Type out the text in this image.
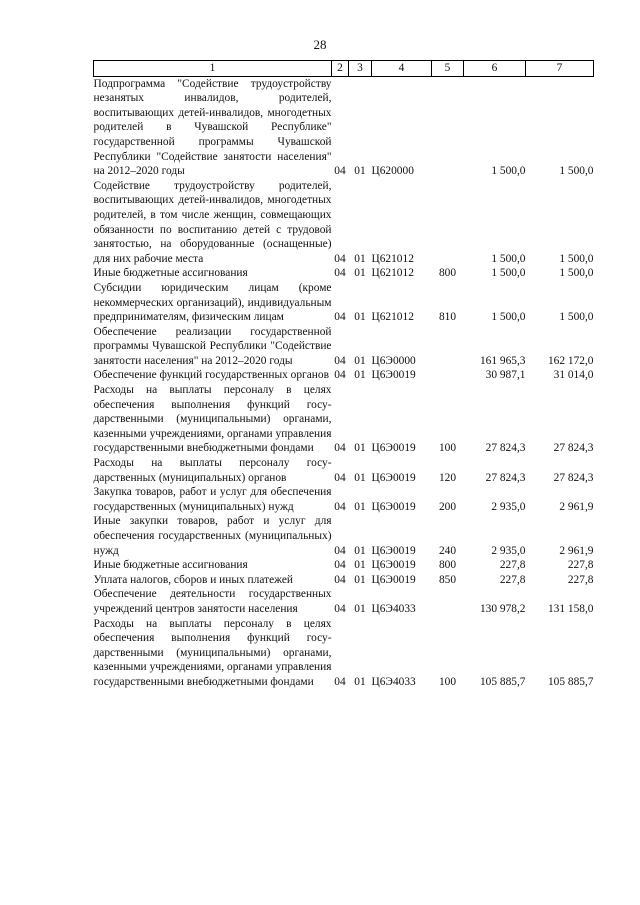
28
1	2	3	4	5	6	7
Подпрограмма "Содействие трудоустройству незанятых инвалидов, родителей, воспитывающих детей-инвалидов, многодетных родителей в Чувашской Республике" государственной программы Чувашской Республики "Содействие занятости населения" на 2012–2020 годы	04	01	Ц620000		1 500,0	1 500,0
Содействие трудоустройству родителей, воспитывающих детей-инвалидов, многодетных родителей, в том числе женщин, совмещающих обязанности по воспитанию детей с трудовой занятостью, на оборудованные (оснащенные) для них рабочие места	04	01	Ц621012		1 500,0	1 500,0
Иные бюджетные ассигнования	04	01	Ц621012	800	1 500,0	1 500,0
Субсидии юридическим лицам (кроме некоммерческих организаций), индивидуальным предпринимателям, физическим лицам	04	01	Ц621012	810	1 500,0	1 500,0
Обеспечение реализации государственной программы Чувашской Республики "Содействие занятости населения" на 2012–2020 годы	04	01	Ц6Э0000		161 965,3	162 172,0
Обеспечение функций государственных органов	04	01	Ц6Э0019		30 987,1	31 014,0
Расходы на выплаты персоналу в целях обеспечения выполнения функций государственными (муниципальными) органами, казенными учреждениями, органами управления государственными внебюджетными фондами	04	01	Ц6Э0019	100	27 824,3	27 824,3
Расходы на выплаты персоналу государственных (муниципальных) органов	04	01	Ц6Э0019	120	27 824,3	27 824,3
Закупка товаров, работ и услуг для обеспечения государственных (муниципальных) нужд	04	01	Ц6Э0019	200	2 935,0	2 961,9
Иные закупки товаров, работ и услуг для обеспечения государственных (муниципальных) нужд	04	01	Ц6Э0019	240	2 935,0	2 961,9
Иные бюджетные ассигнования	04	01	Ц6Э0019	800	227,8	227,8
Уплата налогов, сборов и иных платежей	04	01	Ц6Э0019	850	227,8	227,8
Обеспечение деятельности государственных учреждений центров занятости населения	04	01	Ц6Э4033		130 978,2	131 158,0
Расходы на выплаты персоналу в целях обеспечения выполнения функций государственными (муниципальными) органами, казенными учреждениями, органами управления государственными внебюджетными фондами	04	01	Ц6Э4033	100	105 885,7	105 885,7
